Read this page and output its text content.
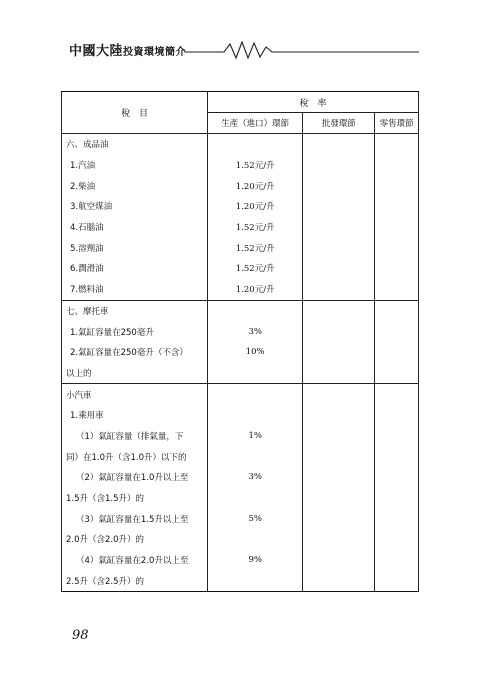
中國大陸投資環境簡介
稅　目	稅　率		
	生產（進口）環節	批發環節	零售環節
六、成品油			
1.汽油	1.52元/升		
2.柴油	1.20元/升		
3.航空煤油	1.20元/升		
4.石腦油	1.52元/升		
5.溶劑油	1.52元/升		
6.潤滑油	1.52元/升		
7.燃料油	1.20元/升		
七、摩托車			
1.氣缸容量在250毫升	3%		
2.氣缸容量在250毫升（不含）	10%		
以上的			
小汽車			
1.乘用車			
（1）氣缸容量（排氣量，下	1%		
同）在1.0升（含1.0升）以下的			
（2）氣缸容量在1.0升以上至	3%		
1.5升（含1.5升）的			
（3）氣缸容量在1.5升以上至	5%		
2.0升（含2.0升）的			
（4）氣缸容量在2.0升以上至	9%		
2.5升（含2.5升）的			
98
